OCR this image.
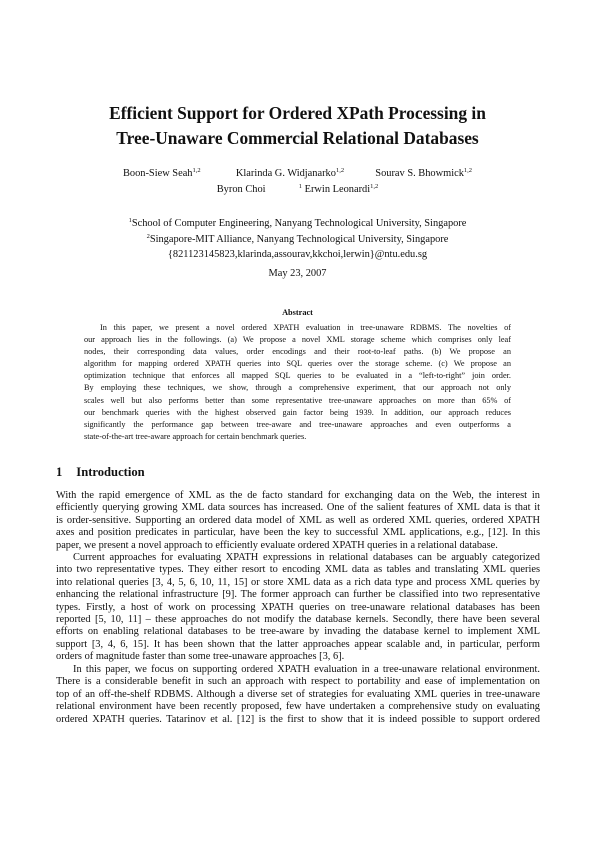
Efficient Support for Ordered XPath Processing in
Tree-Unaware Commercial Relational Databases
Boon-Siew Seah$^{1,2}$	Klarinda G. Widjanarko$^{1,2}$	Sourav S. Bhowmick$^{1,2}$
Byron Choi	$^1$ Erwin Leonardi$^{1,2}$
$^1$School of Computer Engineering, Nanyang Technological University, Singapore
$^2$Singapore-MIT Alliance, Nanyang Technological University, Singapore
{821123145823,klarinda,assourav,kkchoi,lerwin}@ntu.edu.sg
May 23, 2007
Abstract
In this paper, we present a novel ordered XPATH evaluation in tree-unaware RDBMS. The novelties of
our approach lies in the followings. (a) We propose a novel XML storage scheme which comprises only leaf
nodes, their corresponding data values, order encodings and their root-to-leaf paths. (b) We propose an
algorithm for mapping ordered XPATH queries into SQL queries over the storage scheme. (c) We propose an
optimization technique that enforces all mapped SQL queries to be evaluated in a “left-to-right” join order.
By employing these techniques, we show, through a comprehensive experiment, that our approach not only
scales well but also performs better than some representative tree-unaware approaches on more than 65% of
our benchmark queries with the highest observed gain factor being 1939. In addition, our approach reduces
significantly the performance gap between tree-aware and tree-unaware approaches and even outperforms a
state-of-the-art tree-aware approach for certain benchmark queries.
1 Introduction
With the rapid emergence of XML as the de facto standard for exchanging data on the Web, the interest in
efficiently querying growing XML data sources has increased. One of the salient features of XML data is that it
is order-sensitive. Supporting an ordered data model of XML as well as ordered XML queries, ordered XPATH
axes and position predicates in particular, have been the key to successful XML applications, e.g., [12]. In this
paper, we present a novel approach to efficiently evaluate ordered XPATH queries in a relational database.
Current approaches for evaluating XPATH expressions in relational databases can be arguably categorized
into two representative types. They either resort to encoding XML data as tables and translating XML queries
into relational queries [3, 4, 5, 6, 10, 11, 15] or store XML data as a rich data type and process XML queries by
enhancing the relational infrastructure [9]. The former approach can further be classified into two representative
types. Firstly, a host of work on processing XPATH queries on tree-unaware relational databases has been
reported [5, 10, 11] – these approaches do not modify the database kernels. Secondly, there have been several
efforts on enabling relational databases to be tree-aware by invading the database kernel to implement XML
support [3, 4, 6, 15]. It has been shown that the latter approaches appear scalable and, in particular, perform
orders of magnitude faster than some tree-unaware approaches [3, 6].
In this paper, we focus on supporting ordered XPATH evaluation in a tree-unaware relational environment.
There is a considerable benefit in such an approach with respect to portability and ease of implementation on
top of an off-the-shelf RDBMS. Although a diverse set of strategies for evaluating XML queries in tree-unaware
relational environment have been recently proposed, few have undertaken a comprehensive study on evaluating
ordered XPATH queries. Tatarinov et al. [12] is the first to show that it is indeed possible to support ordered
